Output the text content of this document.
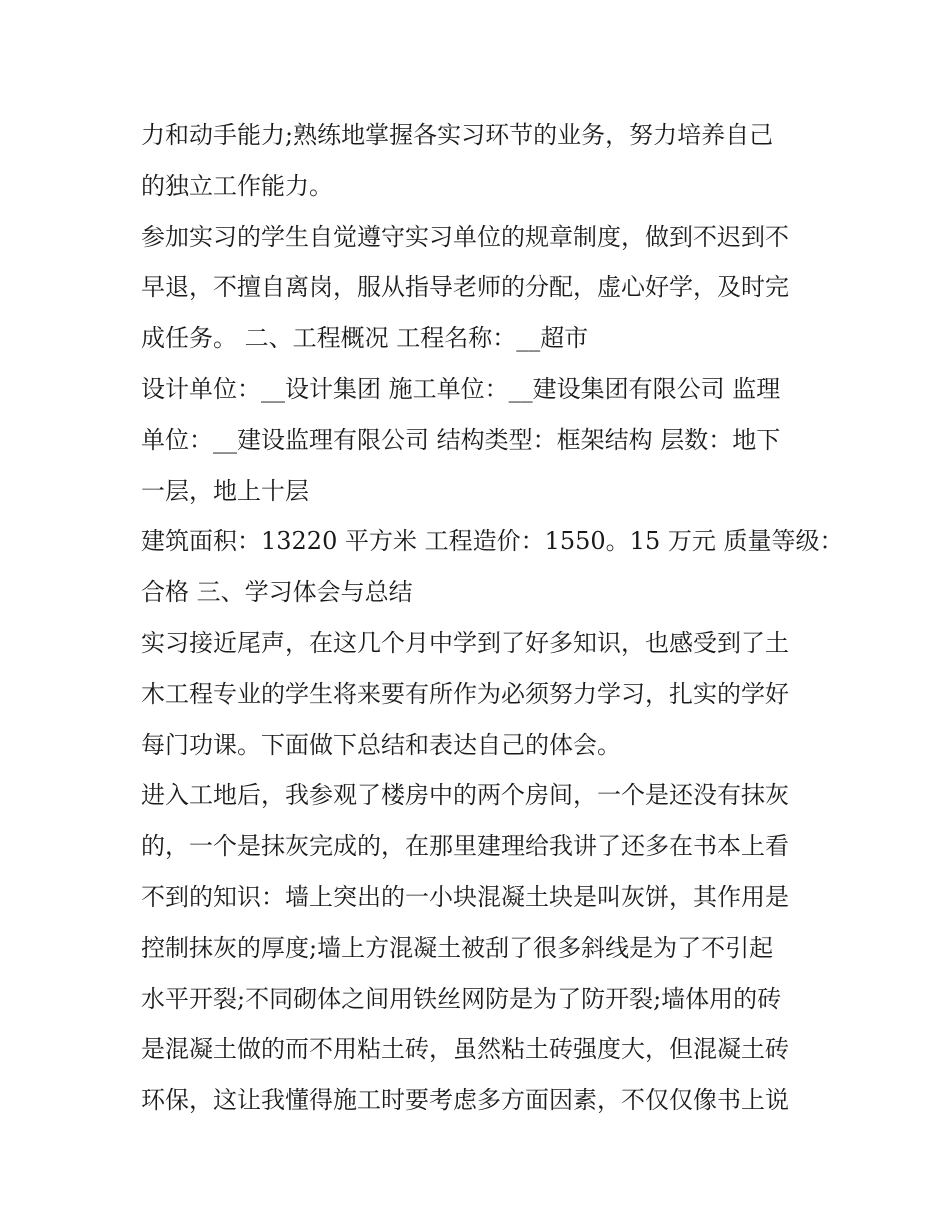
力和动手能力;熟练地掌握各实习环节的业务，努力培养自己
的独立工作能力。
参加实习的学生自觉遵守实习单位的规章制度，做到不迟到不
早退，不擅自离岗，服从指导老师的分配，虚心好学，及时完
成任务。 二、工程概况 工程名称：__超市
设计单位：__设计集团 施工单位：__建设集团有限公司 监理
单位：__建设监理有限公司 结构类型：框架结构 层数：地下
一层，地上十层
建筑面积：13220 平方米 工程造价：1550。15 万元 质量等级：
合格 三、学习体会与总结
实习接近尾声，在这几个月中学到了好多知识，也感受到了土
木工程专业的学生将来要有所作为必须努力学习，扎实的学好
每门功课。下面做下总结和表达自己的体会。
进入工地后，我参观了楼房中的两个房间，一个是还没有抹灰
的，一个是抹灰完成的，在那里建理给我讲了还多在书本上看
不到的知识：墙上突出的一小块混凝土块是叫灰饼，其作用是
控制抹灰的厚度;墙上方混凝土被刮了很多斜线是为了不引起
水平开裂;不同砌体之间用铁丝网防是为了防开裂;墙体用的砖
是混凝土做的而不用粘土砖，虽然粘土砖强度大，但混凝土砖
环保，这让我懂得施工时要考虑多方面因素，不仅仅像书上说
